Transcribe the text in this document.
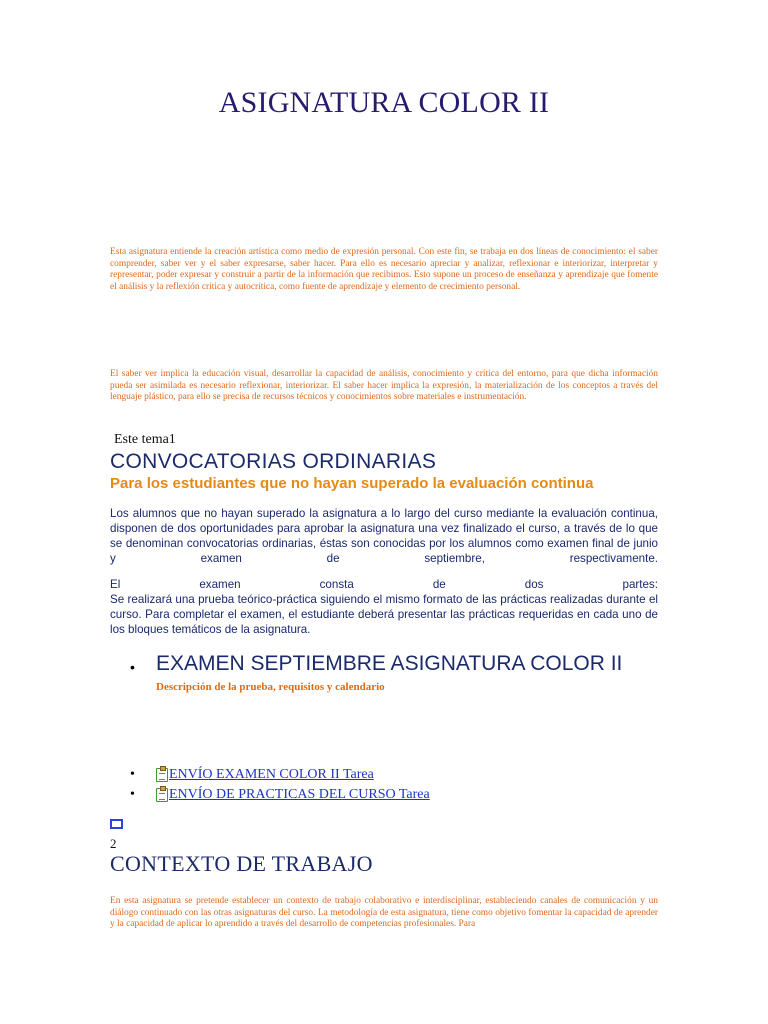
ASIGNATURA COLOR II
Esta asignatura entiende la creación artística como medio de expresión personal. Con este fin, se trabaja en dos líneas de conocimiento: el saber comprender, saber ver y el saber expresarse, saber hacer. Para ello es necesario apreciar y analizar, reflexionar e interiorizar, interpretar y representar, poder expresar y construir a partir de la información que recibimos. Esto supone un proceso de enseñanza y aprendizaje que fomente el análisis y la reflexión crítica y autocrítica, como fuente de aprendizaje y elemento de crecimiento personal.
El saber ver implica la educación visual, desarrollar la capacidad de análisis, conocimiento y crítica del entorno, para que dicha información pueda ser asimilada es necesario reflexionar, interiorizar. El saber hacer implica la expresión, la materialización de los conceptos a través del lenguaje plástico, para ello se precisa de recursos técnicos y conocimientos sobre materiales e instrumentación.
Este tema1
CONVOCATORIAS ORDINARIAS
Para los estudiantes que no hayan superado la evaluación continua
Los alumnos que no hayan superado la asignatura a lo largo del curso mediante la evaluación continua, disponen de dos oportunidades para aprobar la asignatura una vez finalizado el curso, a través de lo que se denominan convocatorias ordinarias, éstas son conocidas por los alumnos como examen final de junio y examen de septiembre, respectivamente.
El	examen	consta	de	dos	partes:
Se realizará una prueba teórico-práctica siguiendo el mismo formato de las prácticas realizadas durante el curso. Para completar el examen, el estudiante deberá presentar las prácticas requeridas en cada uno de los bloques temáticos de la asignatura.
• EXAMEN SEPTIEMBRE ASIGNATURA COLOR II
Descripción de la prueba, requisitos y calendario
•	ENVÍO EXAMEN COLOR II Tarea
•	ENVÍO DE PRACTICAS DEL CURSO Tarea
2
CONTEXTO DE TRABAJO
En esta asignatura se pretende establecer un contexto de trabajo colaborativo e interdisciplinar, estableciendo canales de comunicación y un diálogo continuado con las otras asignaturas del curso. La metodología de esta asignatura, tiene como objetivo fomentar la capacidad de aprender y la capacidad de aplicar lo aprendido a través del desarrollo de competencias profesionales. Para
